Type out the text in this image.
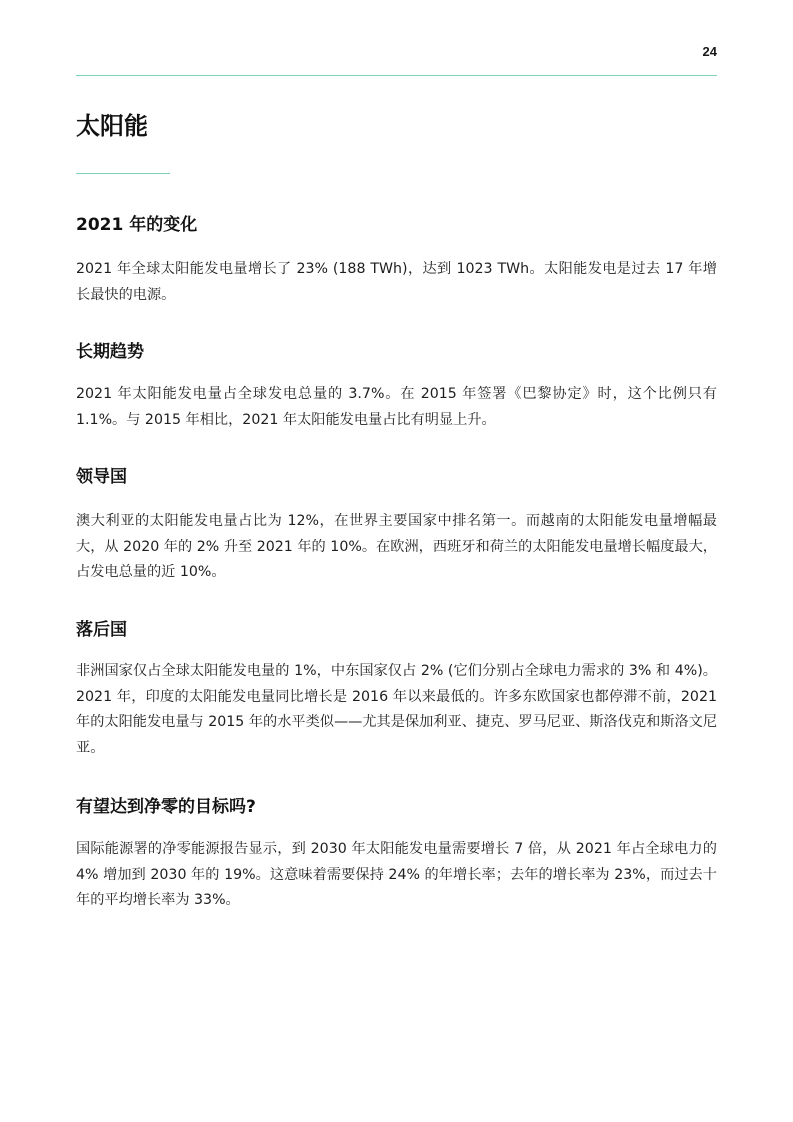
24
太阳能
2021 年的变化

2021 年全球太阳能发电量增长了 23% (188 TWh)，达到 1023 TWh。太阳能发电是过去 17 年增长最快的电源。

长期趋势

2021 年太阳能发电量占全球发电总量的 3.7%。在 2015 年签署《巴黎协定》时，这个比例只有 1.1%。与 2015 年相比，2021 年太阳能发电量占比有明显上升。

领导国

澳大利亚的太阳能发电量占比为 12%，在世界主要国家中排名第一。而越南的太阳能发电量增幅最大，从 2020 年的 2% 升至 2021 年的 10%。在欧洲，西班牙和荷兰的太阳能发电量增长幅度最大，占发电总量的近 10%。

落后国

非洲国家仅占全球太阳能发电量的 1%，中东国家仅占 2% (它们分别占全球电力需求的 3% 和 4%)。2021 年，印度的太阳能发电量同比增长是 2016 年以来最低的。许多东欧国家也都停滞不前，2021 年的太阳能发电量与 2015 年的水平类似——尤其是保加利亚、捷克、罗马尼亚、斯洛伐克和斯洛文尼亚。

有望达到净零的目标吗?

国际能源署的净零能源报告显示，到 2030 年太阳能发电量需要增长 7 倍，从 2021 年占全球电力的 4% 增加到 2030 年的 19%。这意味着需要保持 24% 的年增长率；去年的增长率为 23%，而过去十年的平均增长率为 33%。
